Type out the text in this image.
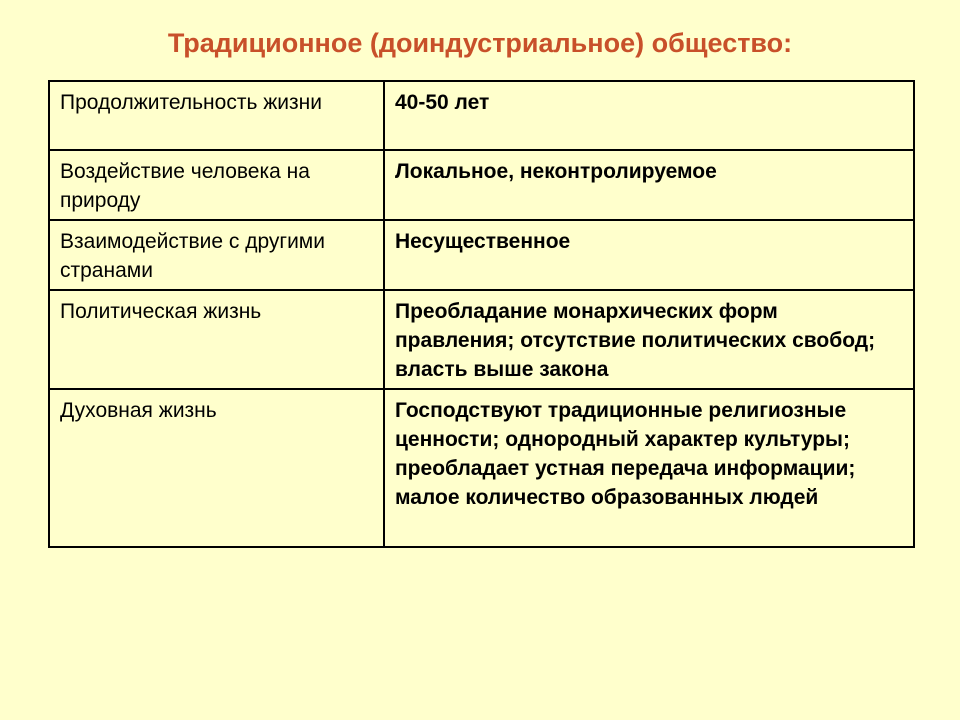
Традиционное (доиндустриальное) общество:
Продолжительность жизни	40-50 лет
Воздействие человека на природу	Локальное, неконтролируемое
Взаимодействие с другими странами	Несущественное
Политическая жизнь	Преобладание монархических форм правления; отсутствие политических свобод; власть выше закона
Духовная жизнь	Господствуют традиционные религиозные ценности; однородный характер культуры; преобладает устная передача информации; малое количество образованных людей
